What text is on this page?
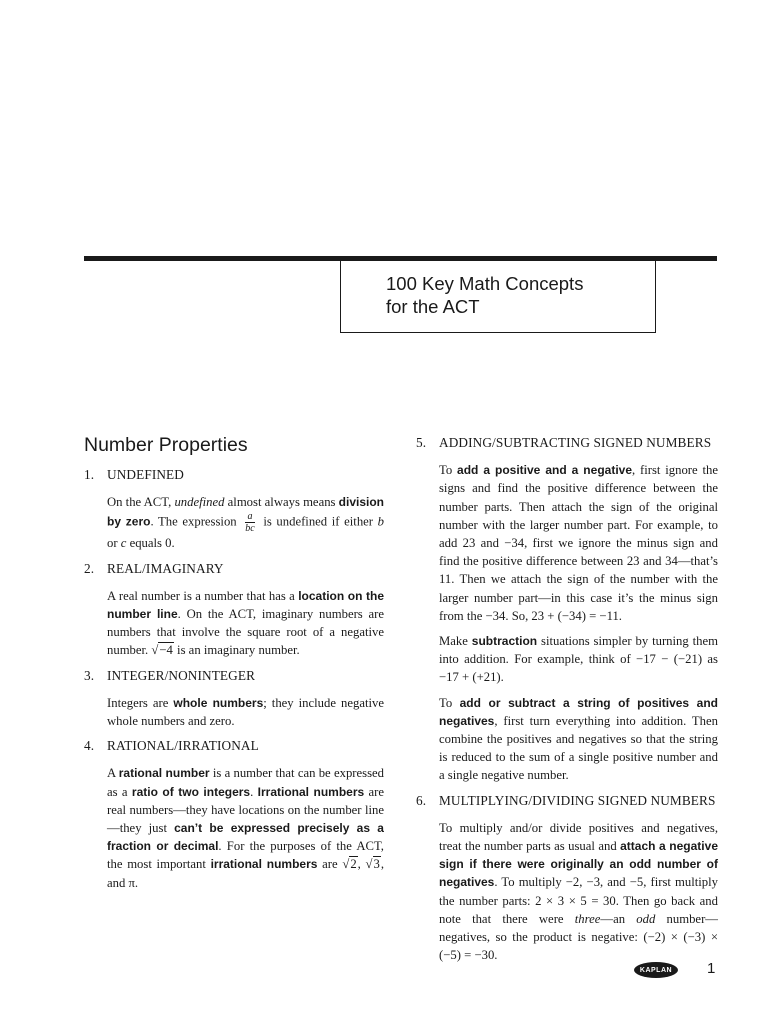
100 Key Math Concepts
for the ACT
Number Properties
1. UNDEFINED

On the ACT, undefined almost always means division by zero. The expression $\frac{a}{bc}$ is undefined if either b or c equals 0.

2. REAL/IMAGINARY

A real number is a number that has a location on the number line. On the ACT, imaginary numbers are numbers that involve the square root of a negative number. √−4 is an imaginary number.

3. INTEGER/NONINTEGER

Integers are whole numbers; they include negative whole numbers and zero.

4. RATIONAL/IRRATIONAL

A rational number is a number that can be expressed as a ratio of two integers. Irrational numbers are real numbers—they have locations on the number line—they just can’t be expressed precisely as a fraction or decimal. For the purposes of the ACT, the most important irrational numbers are √2, √3, and π.

5. ADDING/SUBTRACTING SIGNED NUMBERS

To add a positive and a negative, first ignore the signs and find the positive difference between the number parts. Then attach the sign of the original number with the larger number part. For example, to add 23 and −34, first we ignore the minus sign and find the positive difference between 23 and 34—that’s 11. Then we attach the sign of the number with the larger number part—in this case it’s the minus sign from the −34. So, 23 + (−34) = −11.

Make subtraction situations simpler by turning them into addition. For example, think of −17 − (−21) as −17 + (+21).

To add or subtract a string of positives and negatives, first turn everything into addition. Then combine the positives and negatives so that the string is reduced to the sum of a single positive number and a single negative number.

6. MULTIPLYING/DIVIDING SIGNED NUMBERS

To multiply and/or divide positives and negatives, treat the number parts as usual and attach a negative sign if there were originally an odd number of negatives. To multiply −2, −3, and −5, first multiply the number parts: 2 × 3 × 5 = 30. Then go back and note that there were three—an odd number—negatives, so the product is negative: (−2) × (−3) × (−5) = −30.

KAPLAN	1
